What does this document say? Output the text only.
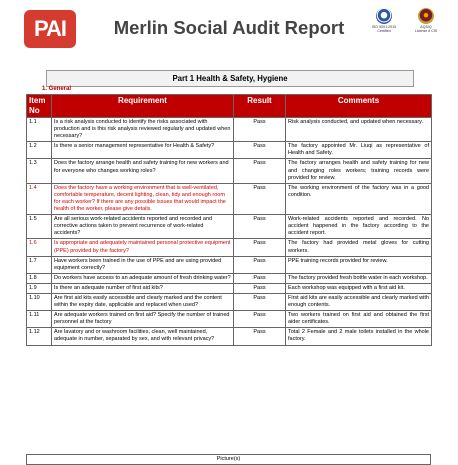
PAI	Merlin Social Audit Report	ISO 9001:2015
Certified
AQSIQ
License # CIS
Part 1 Health & Safety, Hygiene
1. General
Item No	Requirement	Result	Comments
1.1	Is a risk analysis conducted to identify the risks associated with production and is this risk analysis reviewed regularly and updated when necessary?	Pass	Risk analysis conducted, and updated when necessary.
1.2	Is there a senior management representative for Health & Safety?	Pass	The factory appointed Mr. Liuqi as representative of Health and Safety.
1.3	Does the factory arrange health and safety training for new workers and for everyone who changes working roles?	Pass	The factory arranges health and safety training for new and changing roles workers; training records were provided for review.
1.4	Does the factory have a working environment that is well-ventilated, comfortable temperature, decent lighting, clean, tidy and enough room for each worker? If there are any possible issues that would impact the health of the worker, please give details.	Pass	The working environment of the factory was in a good condition.
1.5	Are all serious work-related accidents reported and recorded and corrective actions taken to prevent recurrence of work-related accidents?	Pass	Work-related accidents reported and recorded. No accident happened in the factory according to the accident report.
1.6	Is appropriate and adequately maintained personal protective equipment (PPE) provided by the factory?	Pass	The factory had provided metal gloves for cutting workers.
1.7	Have workers been trained in the use of PPE and are using provided equipment correctly?	Pass	PPE training records provided for review.
1.8	Do workers have access to an adequate amount of fresh drinking water?	Pass	The factory provided fresh bottle water in each workshop.
1.9	Is there an adequate number of first aid kits?	Pass	Each workshop was equipped with a first aid kit.
1.10	Are first aid kits easily accessible and clearly marked and the content within the expiry date, applicable and replaced when used?	Pass	First aid kits are easily accessible and clearly marked with enough contents.
1.11	Are adequate workers trained on first aid? Specify the number of trained personnel at the factory	Pass	Two workers trained on first aid and obtained the first aider certificates.
1.12	Are lavatory and or washroom facilities, clean, well maintained, adequate in number, separated by sex, and with relevant privacy?	Pass	Total 2 Female and 2 male toilets installed in the whole factory.
Picture(s)
